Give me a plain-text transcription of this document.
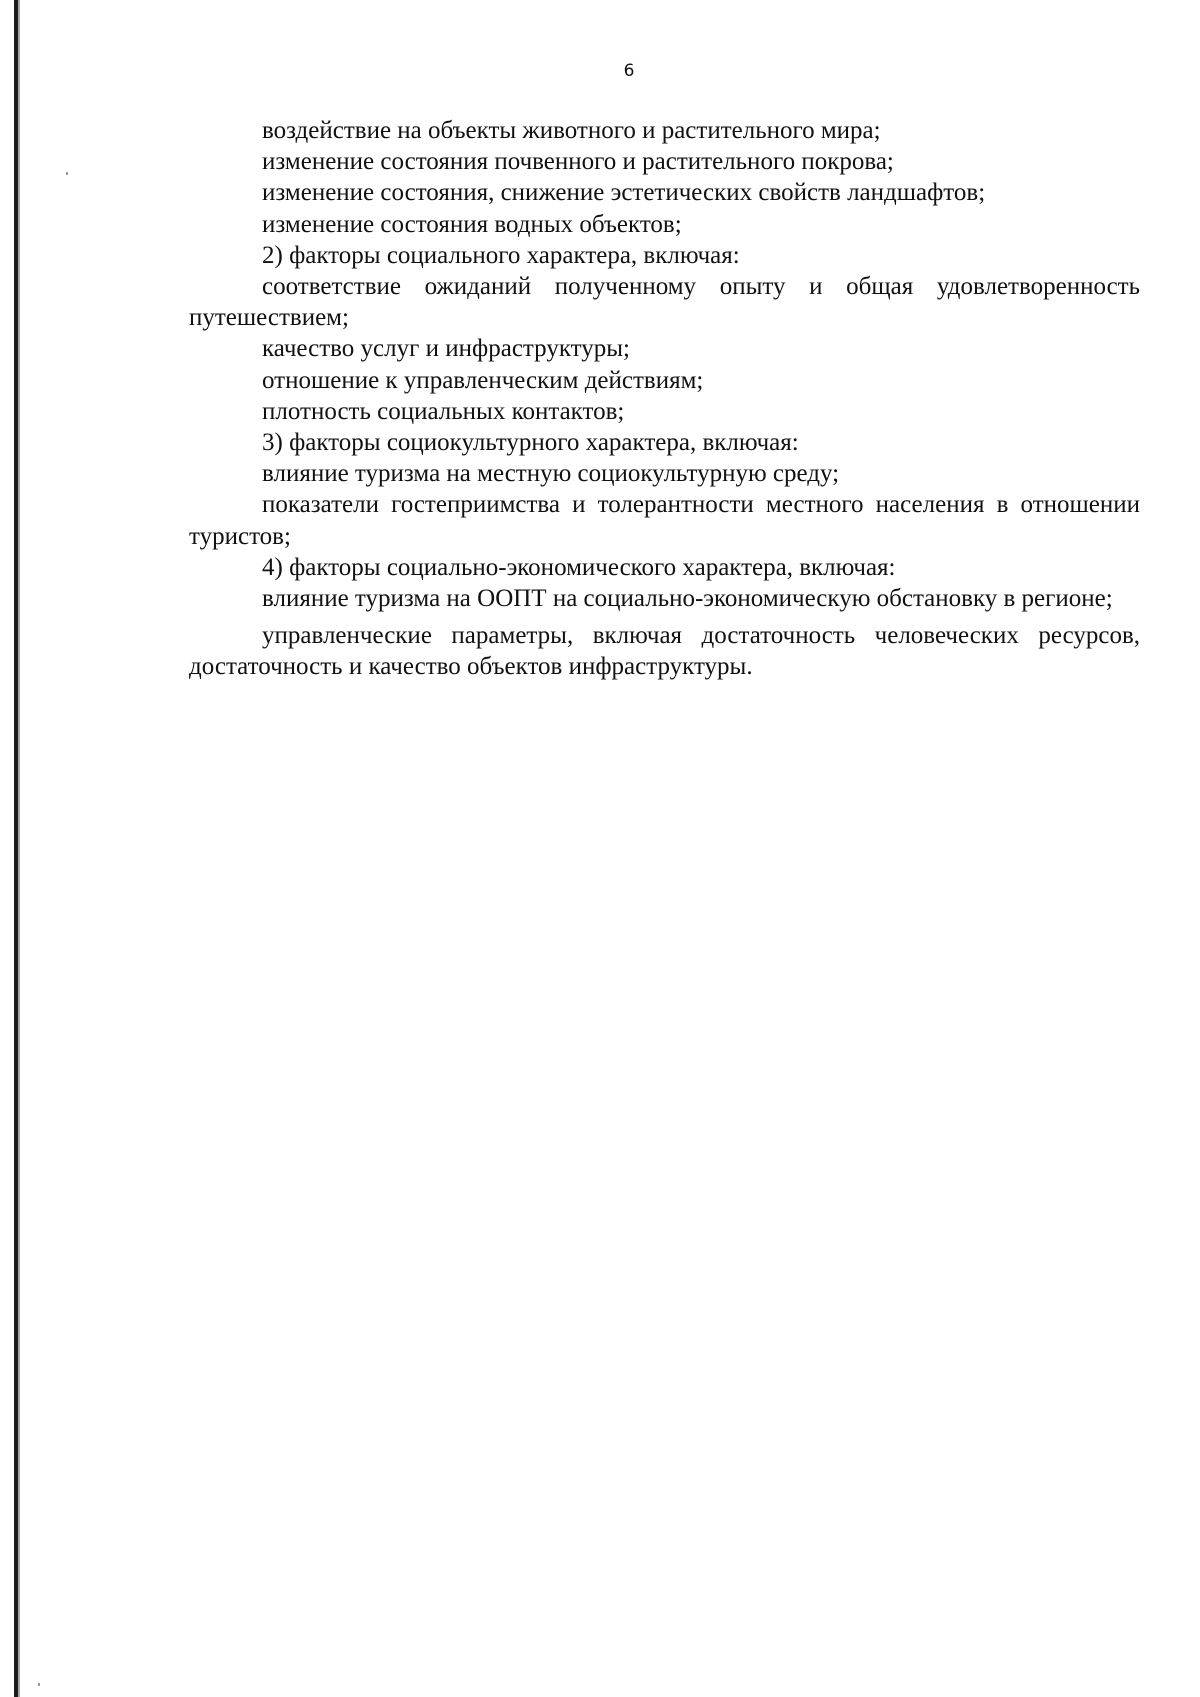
6

воздействие на объекты животного и растительного мира;

изменение состояния почвенного и растительного покрова;

изменение состояния, снижение эстетических свойств ландшафтов;

изменение состояния водных объектов;

2) факторы социального характера, включая:

соответствие ожиданий полученному опыту и общая удовлетворенность путешествием;

качество услуг и инфраструктуры;

отношение к управленческим действиям;

плотность социальных контактов;

3) факторы социокультурного характера, включая:

влияние туризма на местную социокультурную среду;

показатели гостеприимства и толерантности местного населения в отношении туристов;

4) факторы социально-экономического характера, включая:

влияние туризма на ООПТ на социально-экономическую обстановку в регионе;

управленческие параметры, включая достаточность человеческих ресурсов, достаточность и качество объектов инфраструктуры.
